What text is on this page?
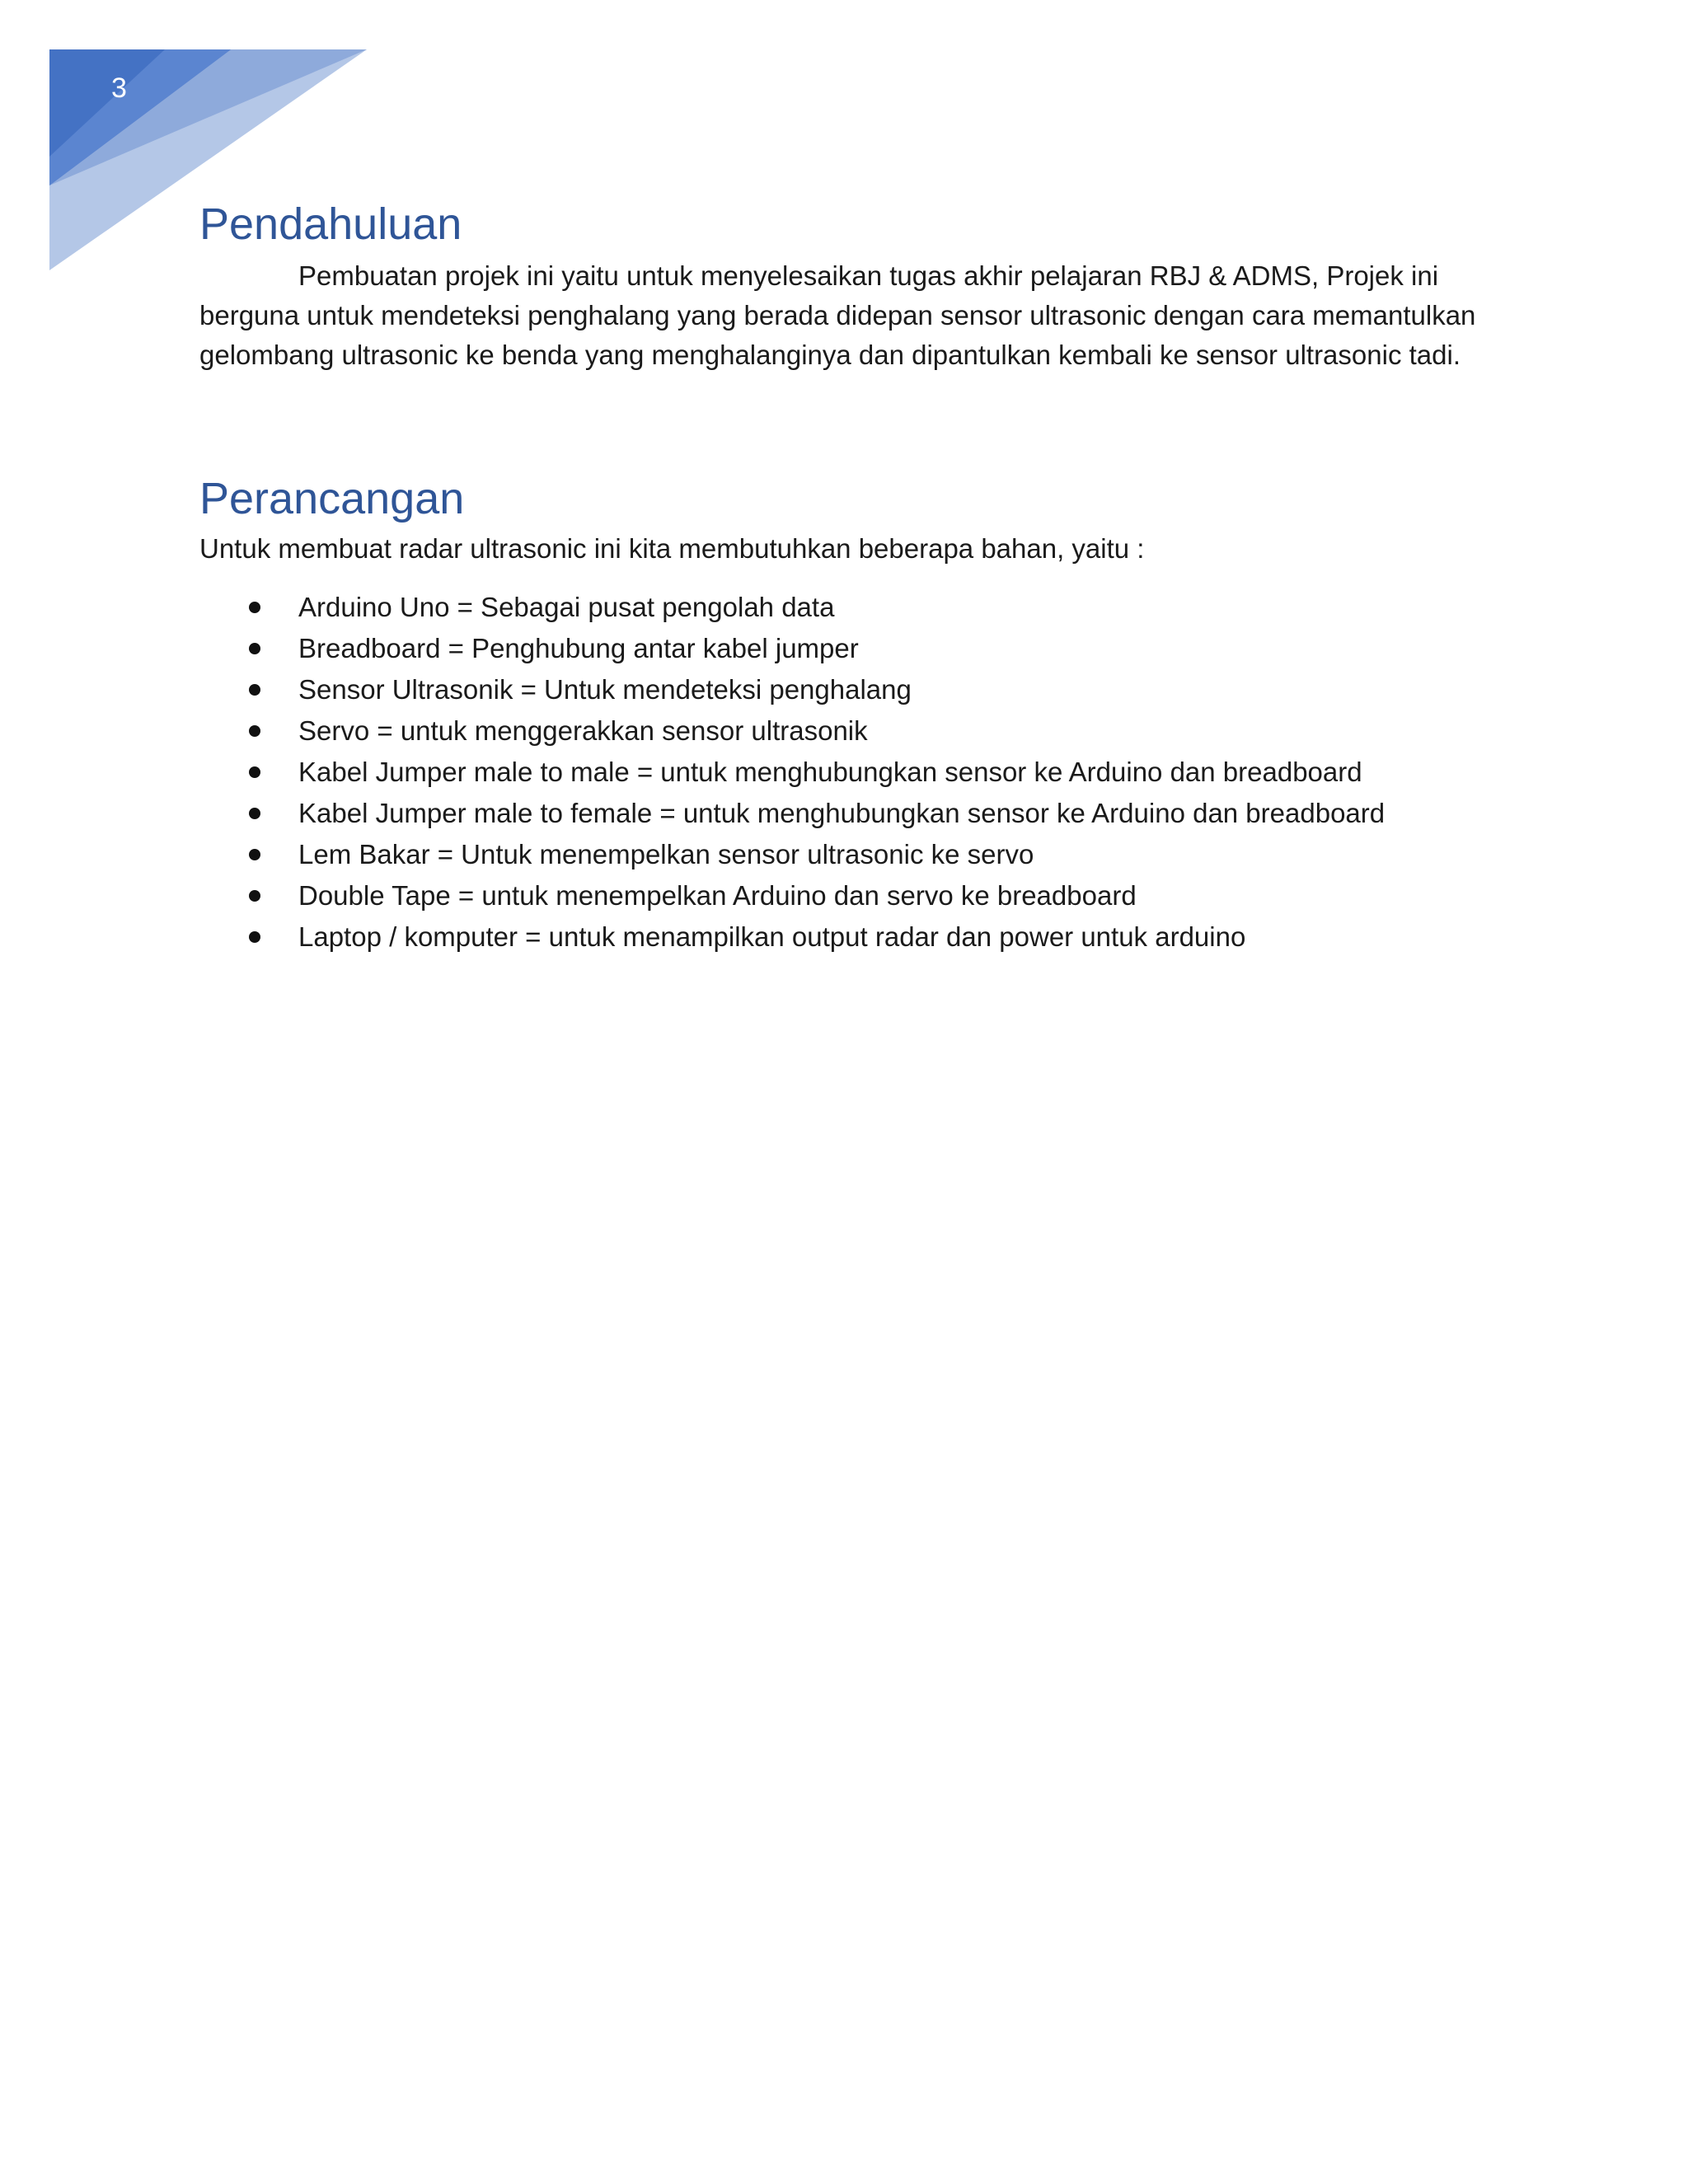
3
Pendahuluan

Pembuatan projek ini yaitu untuk menyelesaikan tugas akhir pelajaran RBJ & ADMS, Projek ini berguna untuk mendeteksi penghalang yang berada didepan sensor ultrasonic dengan cara memantulkan gelombang ultrasonic ke benda yang menghalanginya dan dipantulkan kembali ke sensor ultrasonic tadi.

Perancangan

Untuk membuat radar ultrasonic ini kita membutuhkan beberapa bahan, yaitu :

Arduino Uno = Sebagai pusat pengolah data
Breadboard = Penghubung antar kabel jumper
Sensor Ultrasonik = Untuk mendeteksi penghalang
Servo = untuk menggerakkan sensor ultrasonik
Kabel Jumper male to male = untuk menghubungkan sensor ke Arduino dan breadboard
Kabel Jumper male to female = untuk menghubungkan sensor ke Arduino dan breadboard
Lem Bakar = Untuk menempelkan sensor ultrasonic ke servo
Double Tape = untuk menempelkan Arduino dan servo ke breadboard
Laptop / komputer = untuk menampilkan output radar dan power untuk arduino
